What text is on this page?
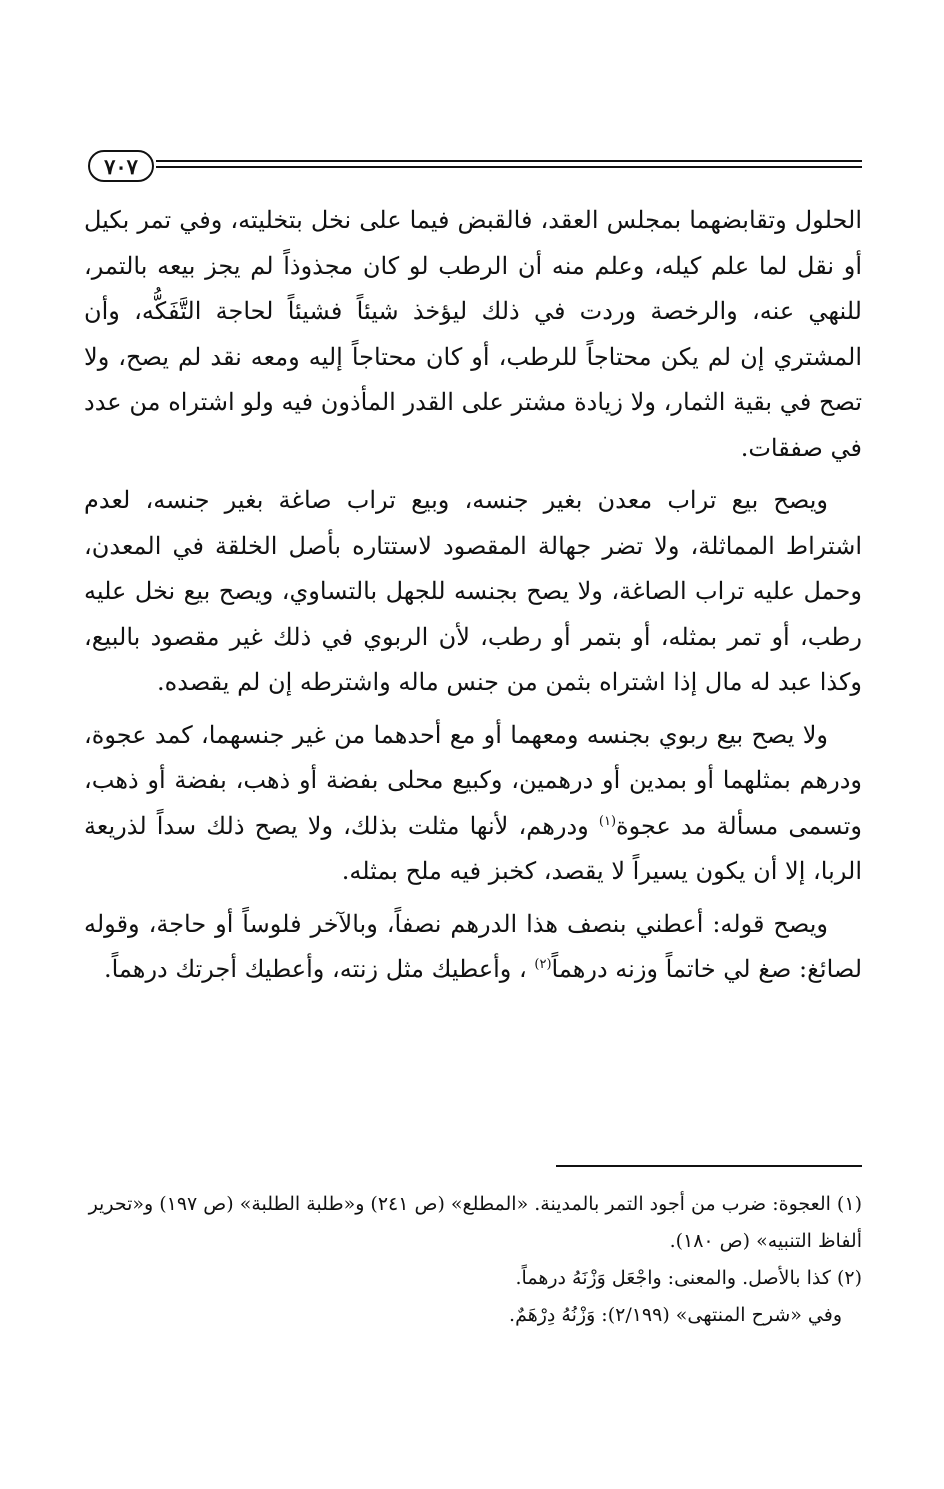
٧٠٧

الحلول وتقابضهما بمجلس العقد، فالقبض فيما على نخل بتخليته، وفي تمر بكيل أو نقل لما علم كيله، وعلم منه أن الرطب لو كان مجذوذاً لم يجز بيعه بالتمر، للنهي عنه، والرخصة وردت في ذلك ليؤخذ شيئاً فشيئاً لحاجة التَّفَكُّه، وأن المشتري إن لم يكن محتاجاً للرطب، أو كان محتاجاً إليه ومعه نقد لم يصح، ولا تصح في بقية الثمار، ولا زيادة مشتر على القدر المأذون فيه ولو اشتراه من عدد في صفقات.

ويصح بيع تراب معدن بغير جنسه، وبيع تراب صاغة بغير جنسه، لعدم اشتراط المماثلة، ولا تضر جهالة المقصود لاستتاره بأصل الخلقة في المعدن، وحمل عليه تراب الصاغة، ولا يصح بجنسه للجهل بالتساوي، ويصح بيع نخل عليه رطب، أو تمر بمثله، أو بتمر أو رطب، لأن الربوي في ذلك غير مقصود بالبيع، وكذا عبد له مال إذا اشتراه بثمن من جنس ماله واشترطه إن لم يقصده.

ولا يصح بيع ربوي بجنسه ومعهما أو مع أحدهما من غير جنسهما، كمد عجوة، ودرهم بمثلهما أو بمدين أو درهمين، وكبيع محلى بفضة أو ذهب، بفضة أو ذهب، وتسمى مسألة مد عجوة$^{(١)}$ ودرهم، لأنها مثلت بذلك، ولا يصح ذلك سداً لذريعة الربا، إلا أن يكون يسيراً لا يقصد، كخبز فيه ملح بمثله.

ويصح قوله: أعطني بنصف هذا الدرهم نصفاً، وبالآخر فلوساً أو حاجة، وقوله لصائغ: صغ لي خاتماً وزنه درهماً$^{(٢)}$ ، وأعطيك مثل زنته، وأعطيك أجرتك درهماً.

(١) العجوة: ضرب من أجود التمر بالمدينة. «المطلع» (ص ٢٤١) و«طلبة الطلبة» (ص ١٩٧) و«تحرير ألفاظ التنبيه» (ص ١٨٠).

(٢) كذا بالأصل. والمعنى: واجْعَل وَزْنَهُ درهماً.

وفي «شرح المنتهى» (٢/١٩٩): وَزْنُهُ دِرْهَمٌ.
